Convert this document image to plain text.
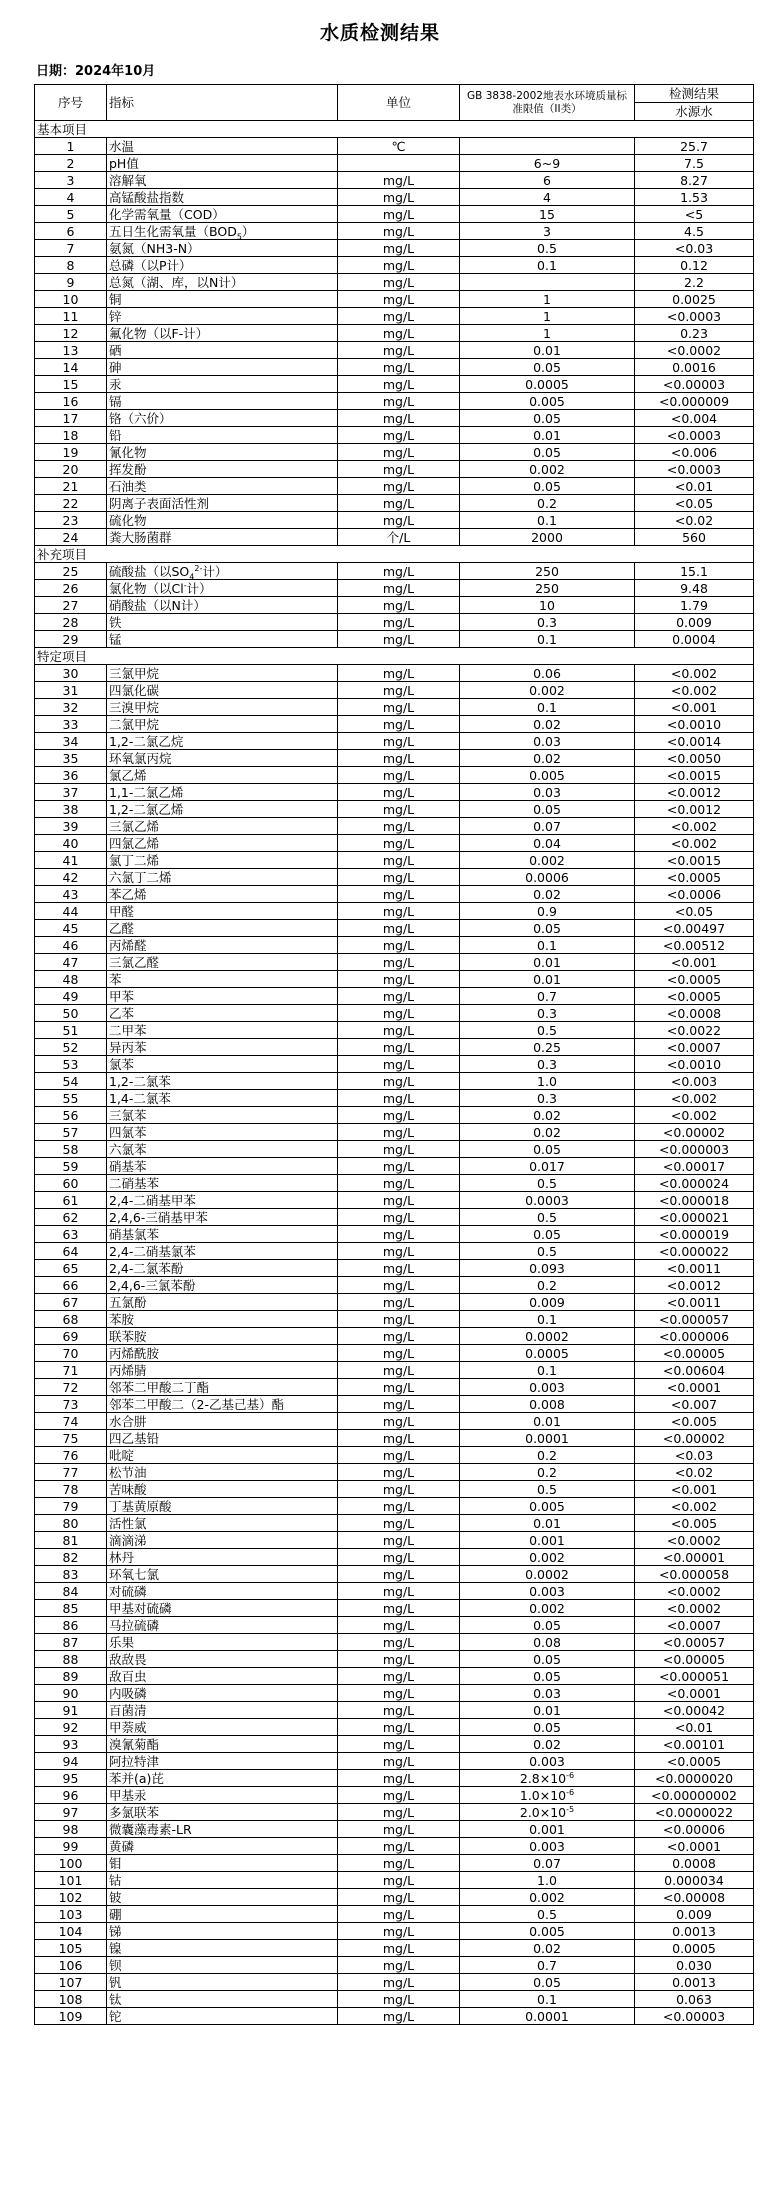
水质检测结果
日期：2024年10月
序号	指标	单位	GB 3838-2002地表水环境质量标准限值（II类）	检测结果
				水源水
基本项目				
1	水温	℃		25.7
2	pH值		6~9	7.5
3	溶解氧	mg/L	6	8.27
4	高锰酸盐指数	mg/L	4	1.53
5	化学需氧量（COD）	mg/L	15	<5
6	五日生化需氧量$(BOD_5)$	mg/L	3	4.5
7	氨氮（NH3-N）	mg/L	0.5	<0.03
8	总磷（以P计）	mg/L	0.1	0.12
9	总氮（湖、库，以N计）	mg/L		2.2
10	铜	mg/L	1	0.0025
11	锌	mg/L	1	<0.0003
12	氟化物（以F-计）	mg/L	1	0.23
13	硒	mg/L	0.01	<0.0002
14	砷	mg/L	0.05	0.0016
15	汞	mg/L	0.0005	<0.00003
16	镉	mg/L	0.005	<0.000009
17	铬（六价）	mg/L	0.05	<0.004
18	铅	mg/L	0.01	<0.0003
19	氰化物	mg/L	0.05	<0.006
20	挥发酚	mg/L	0.002	<0.0003
21	石油类	mg/L	0.05	<0.01
22	阴离子表面活性剂	mg/L	0.2	<0.05
23	硫化物	mg/L	0.1	<0.02
24	粪大肠菌群	个/L	2000	560
补充项目				
25	硫酸盐（以$SO_4^{2-}$计）	mg/L	250	15.1
26	氯化物（以Cl-计）	mg/L	250	9.48
27	硝酸盐（以N计）	mg/L	10	1.79
28	铁	mg/L	0.3	0.009
29	锰	mg/L	0.1	0.0004
特定项目				
30	三氯甲烷	mg/L	0.06	<0.002
31	四氯化碳	mg/L	0.002	<0.002
32	三溴甲烷	mg/L	0.1	<0.001
33	二氯甲烷	mg/L	0.02	<0.0010
34	1,2-二氯乙烷	mg/L	0.03	<0.0014
35	环氧氯丙烷	mg/L	0.02	<0.0050
36	氯乙烯	mg/L	0.005	<0.0015
37	1,1-二氯乙烯	mg/L	0.03	<0.0012
38	1,2-二氯乙烯	mg/L	0.05	<0.0012
39	三氯乙烯	mg/L	0.07	<0.002
40	四氯乙烯	mg/L	0.04	<0.002
41	氯丁二烯	mg/L	0.002	<0.0015
42	六氯丁二烯	mg/L	0.0006	<0.0005
43	苯乙烯	mg/L	0.02	<0.0006
44	甲醛	mg/L	0.9	<0.05
45	乙醛	mg/L	0.05	<0.00497
46	丙烯醛	mg/L	0.1	<0.00512
47	三氯乙醛	mg/L	0.01	<0.001
48	苯	mg/L	0.01	<0.0005
49	甲苯	mg/L	0.7	<0.0005
50	乙苯	mg/L	0.3	<0.0008
51	二甲苯	mg/L	0.5	<0.0022
52	异丙苯	mg/L	0.25	<0.0007
53	氯苯	mg/L	0.3	<0.0010
54	1,2-二氯苯	mg/L	1.0	<0.003
55	1,4-二氯苯	mg/L	0.3	<0.002
56	三氯苯	mg/L	0.02	<0.002
57	四氯苯	mg/L	0.02	<0.00002
58	六氯苯	mg/L	0.05	<0.000003
59	硝基苯	mg/L	0.017	<0.00017
60	二硝基苯	mg/L	0.5	<0.000024
61	2,4-二硝基甲苯	mg/L	0.0003	<0.000018
62	2,4,6-三硝基甲苯	mg/L	0.5	<0.000021
63	硝基氯苯	mg/L	0.05	<0.000019
64	2,4-二硝基氯苯	mg/L	0.5	<0.000022
65	2,4-二氯苯酚	mg/L	0.093	<0.0011
66	2,4,6-三氯苯酚	mg/L	0.2	<0.0012
67	五氯酚	mg/L	0.009	<0.0011
68	苯胺	mg/L	0.1	<0.000057
69	联苯胺	mg/L	0.0002	<0.000006
70	丙烯酰胺	mg/L	0.0005	<0.00005
71	丙烯腈	mg/L	0.1	<0.00604
72	邻苯二甲酸二丁酯	mg/L	0.003	<0.0001
73	邻苯二甲酸二（2-乙基己基）酯	mg/L	0.008	<0.007
74	水合肼	mg/L	0.01	<0.005
75	四乙基铅	mg/L	0.0001	<0.00002
76	吡啶	mg/L	0.2	<0.03
77	松节油	mg/L	0.2	<0.02
78	苦味酸	mg/L	0.5	<0.001
79	丁基黄原酸	mg/L	0.005	<0.002
80	活性氯	mg/L	0.01	<0.005
81	滴滴涕	mg/L	0.001	<0.0002
82	林丹	mg/L	0.002	<0.00001
83	环氧七氯	mg/L	0.0002	<0.000058
84	对硫磷	mg/L	0.003	<0.0002
85	甲基对硫磷	mg/L	0.002	<0.0002
86	马拉硫磷	mg/L	0.05	<0.0007
87	乐果	mg/L	0.08	<0.00057
88	敌敌畏	mg/L	0.05	<0.00005
89	敌百虫	mg/L	0.05	<0.000051
90	内吸磷	mg/L	0.03	<0.0001
91	百菌清	mg/L	0.01	<0.00042
92	甲萘威	mg/L	0.05	<0.01
93	溴氰菊酯	mg/L	0.02	<0.00101
94	阿拉特津	mg/L	0.003	<0.0005
95	苯并(a)芘	mg/L	$2.8\times 10^{-6}$	<0.0000020
96	甲基汞	mg/L	$1.0\times 10^{-6}$	<0.00000002
97	多氯联苯	mg/L	$2.0\times 10^{-5}$	<0.0000022
98	微囊藻毒素-LR	mg/L	0.001	<0.00006
99	黄磷	mg/L	0.003	<0.0001
100	钼	mg/L	0.07	0.0008
101	钴	mg/L	1.0	0.000034
102	铍	mg/L	0.002	<0.00008
103	硼	mg/L	0.5	0.009
104	锑	mg/L	0.005	0.0013
105	镍	mg/L	0.02	0.0005
106	钡	mg/L	0.7	0.030
107	钒	mg/L	0.05	0.0013
108	钛	mg/L	0.1	0.063
109	铊	mg/L	0.0001	<0.00003
